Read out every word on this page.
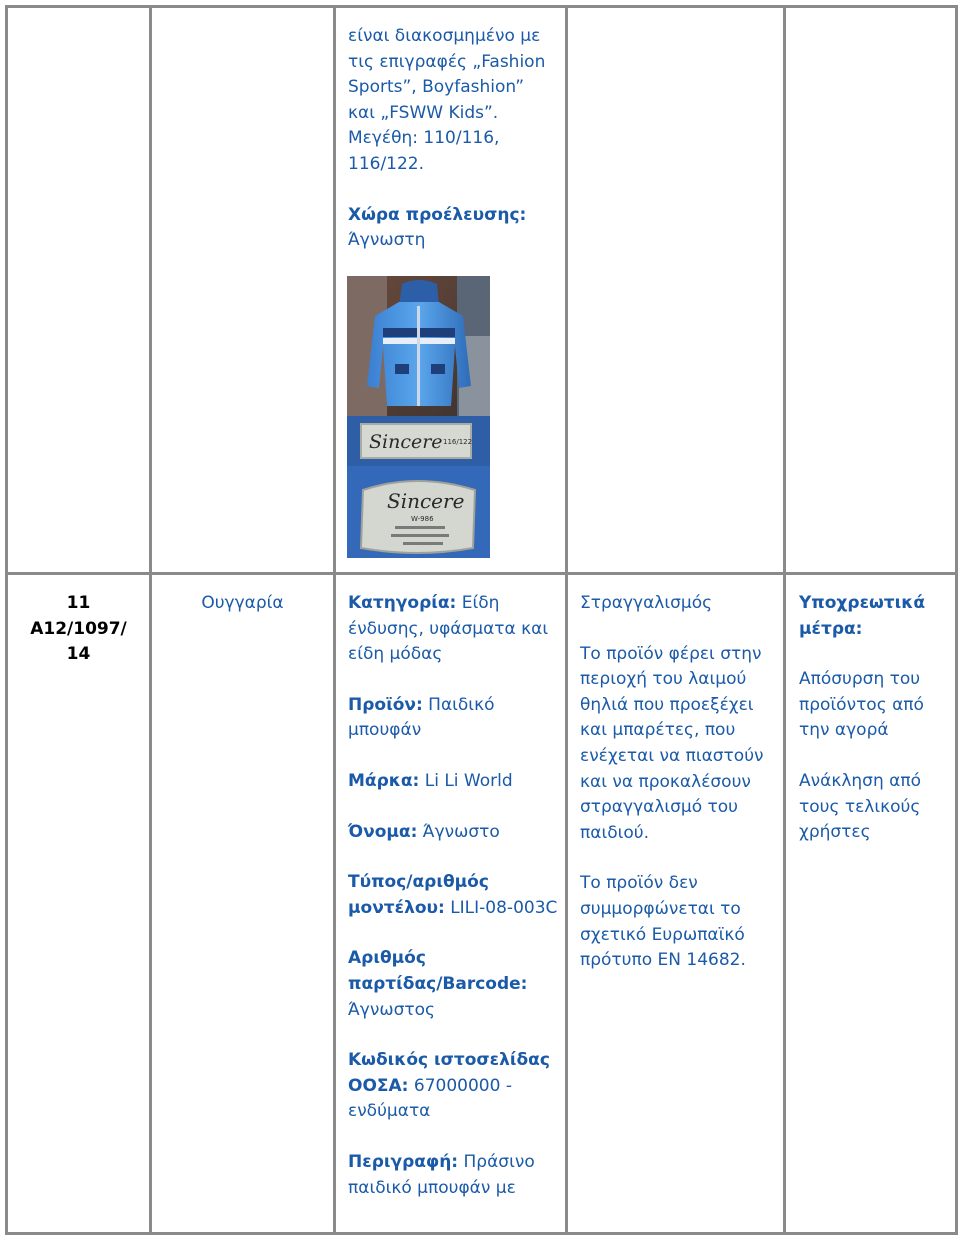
είναι διακοσμημένο με
τις επιγραφές „Fashion
Sports”, Boyfashion”
και „FSWW Kids”.
Μεγέθη: 110/116,
116/122.
Χώρα προέλευσης:
Άγνωστη
Sincere 116/122
Sincere
W-986
11
A12/1097/
14
Ουγγαρία	Κατηγορία: Είδη ένδυσης, υφάσματα και είδη μόδας
Προϊόν: Παιδικό μπουφάν
Μάρκα: Li Li World
Όνομα: Άγνωστο
Τύπος/αριθμός μοντέλου: LILI-08-003C
Αριθμός παρτίδας/Barcode: Άγνωστος
Κωδικός ιστοσελίδας ΟΟΣΑ: 67000000 - ενδύματα
Περιγραφή: Πράσινο παιδικό μπουφάν με
Στραγγαλισμός
Το προϊόν φέρει στην περιοχή του λαιμού θηλιά που προεξέχει και μπαρέτες, που ενέχεται να πιαστούν και να προκαλέσουν στραγγαλισμό του παιδιού.
Το προϊόν δεν συμμορφώνεται το σχετικό Ευρωπαϊκό πρότυπο EN 14682.
Υποχρεωτικά μέτρα:
Απόσυρση του προϊόντος από την αγορά
Ανάκληση από τους τελικούς χρήστες
